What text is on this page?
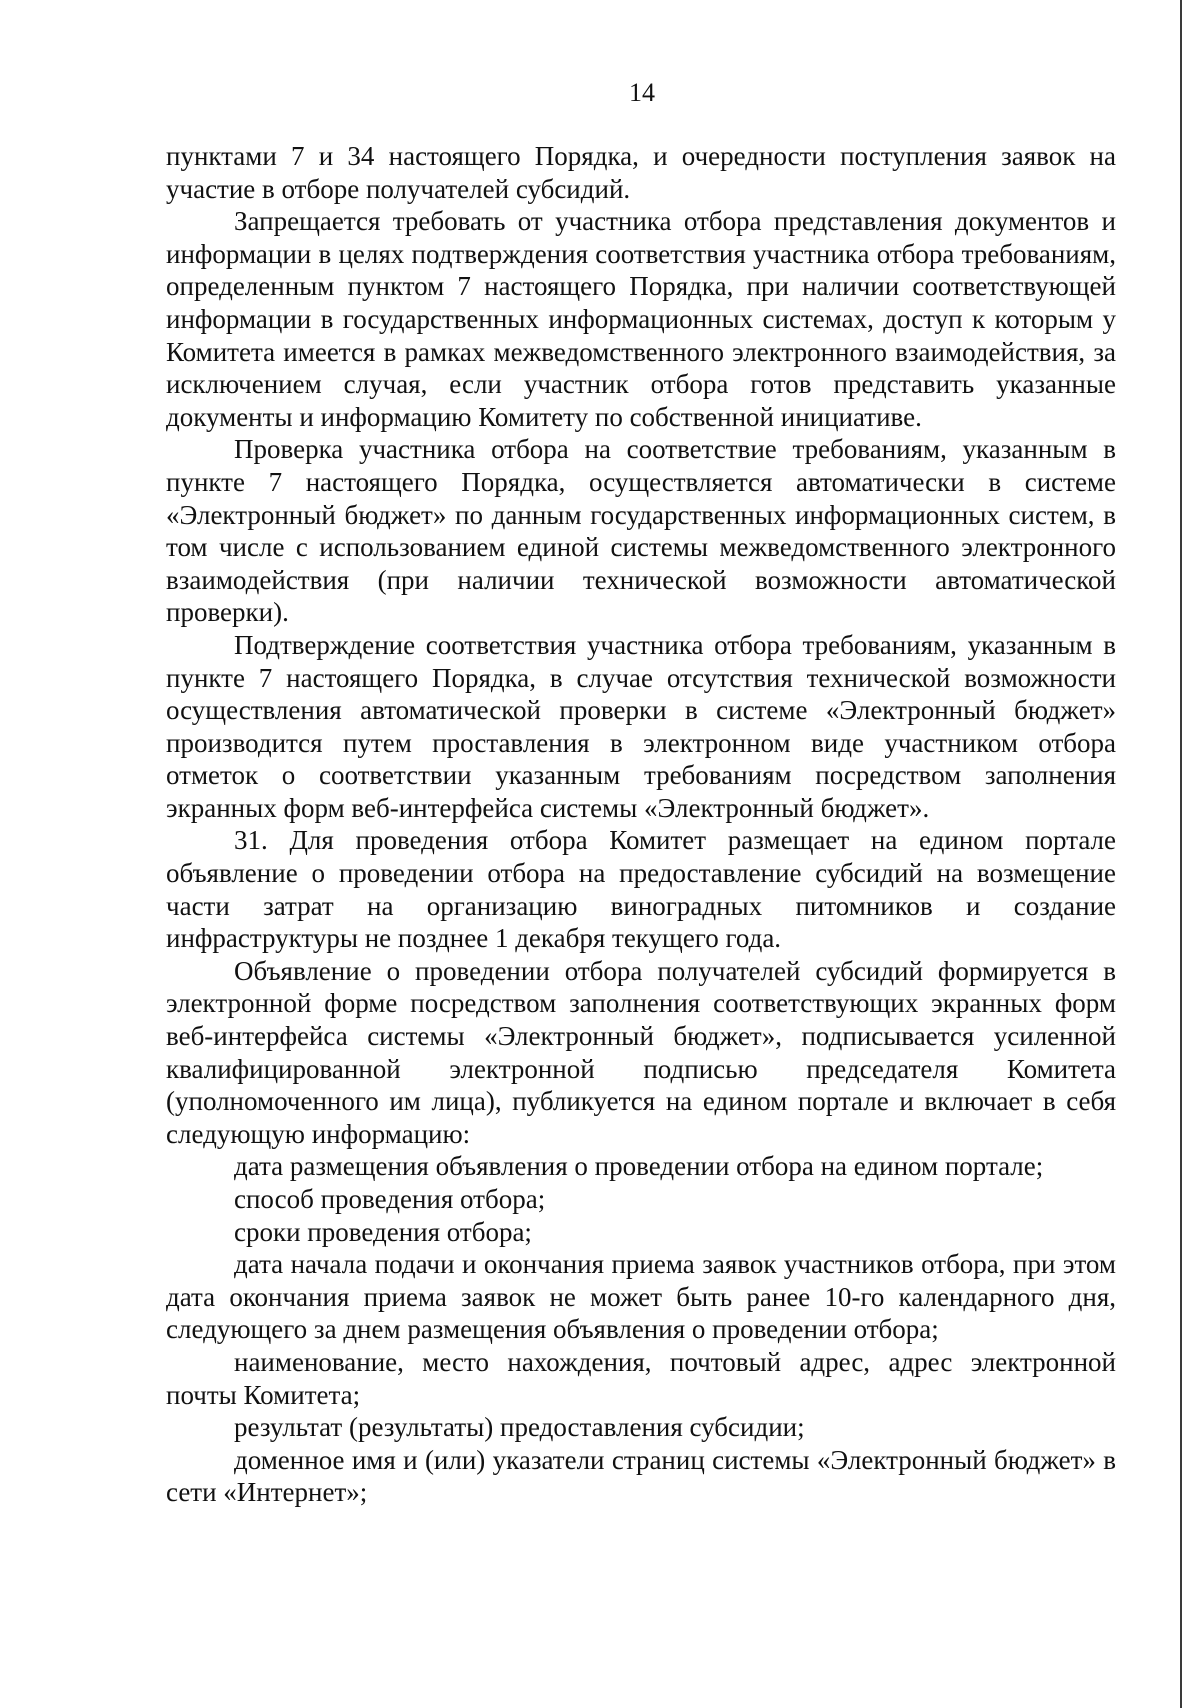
14

пунктами 7 и 34 настоящего Порядка, и очередности поступления заявок на участие в отборе получателей субсидий.

Запрещается требовать от участника отбора представления документов и информации в целях подтверждения соответствия участника отбора требованиям, определенным пунктом 7 настоящего Порядка, при наличии соответствующей информации в государственных информационных системах, доступ к которым у Комитета имеется в рамках межведомственного электронного взаимодействия, за исключением случая, если участник отбора готов представить указанные документы и информацию Комитету по собственной инициативе.

Проверка участника отбора на соответствие требованиям, указанным в пункте 7 настоящего Порядка, осуществляется автоматически в системе «Электронный бюджет» по данным государственных информационных систем, в том числе с использованием единой системы межведомственного электронного взаимодействия (при наличии технической возможности автоматической проверки).

Подтверждение соответствия участника отбора требованиям, указанным в пункте 7 настоящего Порядка, в случае отсутствия технической возможности осуществления автоматической проверки в системе «Электронный бюджет» производится путем проставления в электронном виде участником отбора отметок о соответствии указанным требованиям посредством заполнения экранных форм веб-интерфейса системы «Электронный бюджет».

31. Для проведения отбора Комитет размещает на едином портале объявление о проведении отбора на предоставление субсидий на возмещение части затрат на организацию виноградных питомников и создание инфраструктуры не позднее 1 декабря текущего года.

Объявление о проведении отбора получателей субсидий формируется в электронной форме посредством заполнения соответствующих экранных форм веб-интерфейса системы «Электронный бюджет», подписывается усиленной квалифицированной электронной подписью председателя Комитета (уполномоченного им лица), публикуется на едином портале и включает в себя следующую информацию:

дата размещения объявления о проведении отбора на едином портале;

способ проведения отбора;

сроки проведения отбора;

дата начала подачи и окончания приема заявок участников отбора, при этом дата окончания приема заявок не может быть ранее 10-го календарного дня, следующего за днем размещения объявления о проведении отбора;

наименование, место нахождения, почтовый адрес, адрес электронной почты Комитета;

результат (результаты) предоставления субсидии;

доменное имя и (или) указатели страниц системы «Электронный бюджет» в сети «Интернет»;
